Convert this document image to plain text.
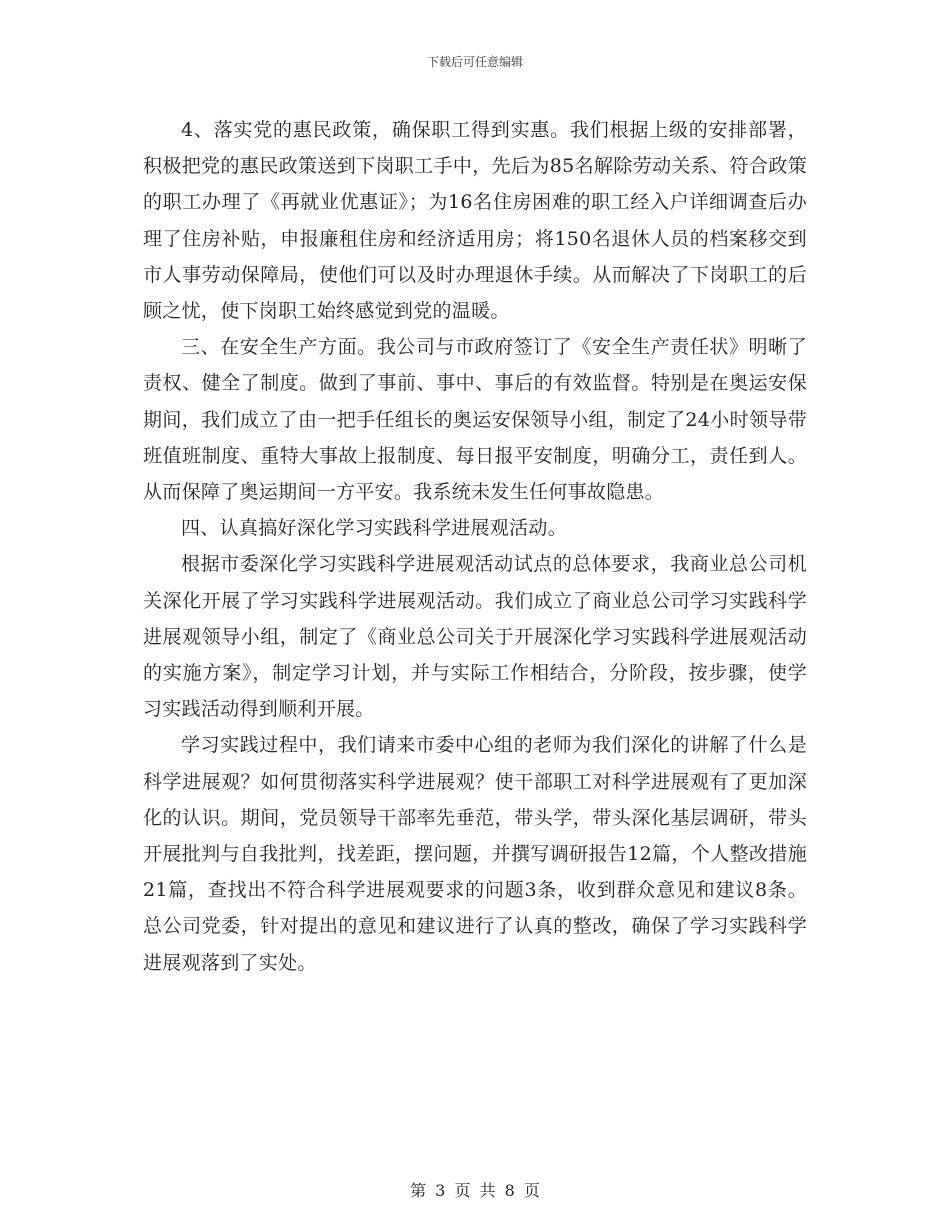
下载后可任意编辑

4、落实党的惠民政策，确保职工得到实惠。我们根据上级的安排部署，积极把党的惠民政策送到下岗职工手中，先后为85名解除劳动关系、符合政策的职工办理了《再就业优惠证》；为16名住房困难的职工经入户详细调查后办理了住房补贴，申报廉租住房和经济适用房；将150名退休人员的档案移交到市人事劳动保障局，使他们可以及时办理退休手续。从而解决了下岗职工的后顾之忧，使下岗职工始终感觉到党的温暖。

三、在安全生产方面。我公司与市政府签订了《安全生产责任状》明晰了责权、健全了制度。做到了事前、事中、事后的有效监督。特别是在奥运安保期间，我们成立了由一把手任组长的奥运安保领导小组，制定了24小时领导带班值班制度、重特大事故上报制度、每日报平安制度，明确分工，责任到人。从而保障了奥运期间一方平安。我系统未发生任何事故隐患。

四、认真搞好深化学习实践科学进展观活动。

根据市委深化学习实践科学进展观活动试点的总体要求，我商业总公司机关深化开展了学习实践科学进展观活动。我们成立了商业总公司学习实践科学进展观领导小组，制定了《商业总公司关于开展深化学习实践科学进展观活动的实施方案》，制定学习计划，并与实际工作相结合，分阶段，按步骤，使学习实践活动得到顺利开展。

学习实践过程中，我们请来市委中心组的老师为我们深化的讲解了什么是科学进展观？如何贯彻落实科学进展观？使干部职工对科学进展观有了更加深化的认识。期间，党员领导干部率先垂范，带头学，带头深化基层调研，带头开展批判与自我批判，找差距，摆问题，并撰写调研报告12篇，个人整改措施21篇，查找出不符合科学进展观要求的问题3条，收到群众意见和建议8条。总公司党委，针对提出的意见和建议进行了认真的整改，确保了学习实践科学进展观落到了实处。

第 3 页 共 8 页
